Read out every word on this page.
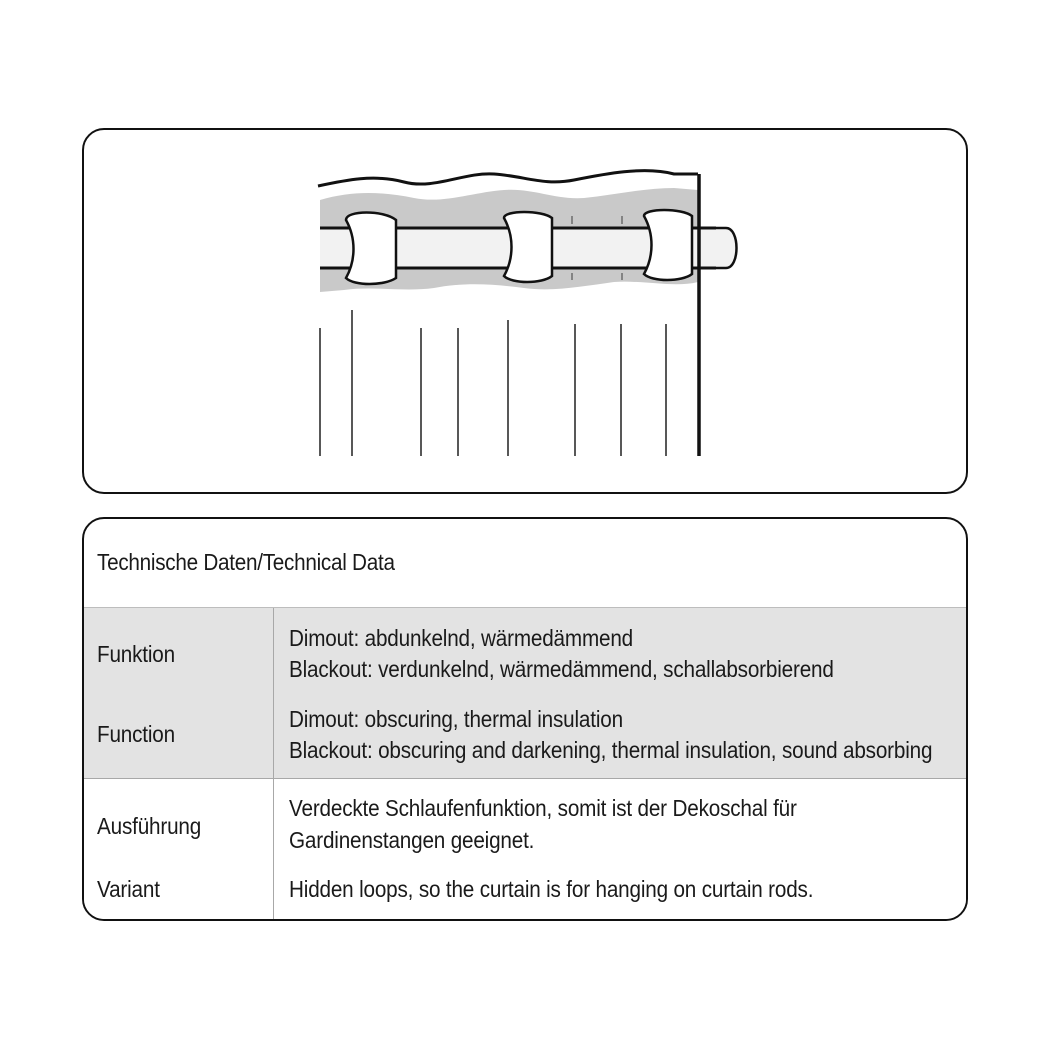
Technische Daten/Technical Data
Funktion
Function
Dimout: abdunkelnd, wärmedämmend
Blackout: verdunkelnd, wärmedämmend, schallabsorbierend
Dimout: obscuring, thermal insulation
Blackout: obscuring and darkening, thermal insulation, sound absorbing
Ausführung
Variant
Verdeckte Schlaufenfunktion, somit ist der Dekoschal für
Gardinenstangen geeignet.
Hidden loops, so the curtain is for hanging on curtain rods.
